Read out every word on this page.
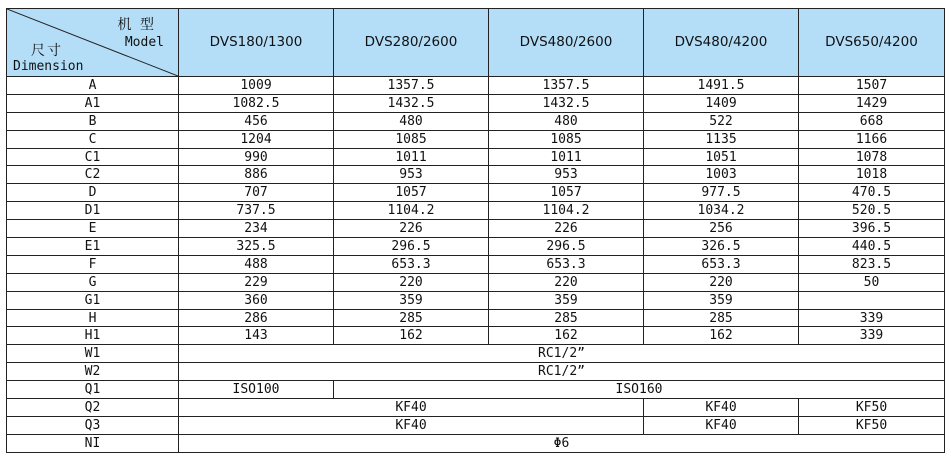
机 型
Model
尺寸
Dimension	DVS180/1300	DVS280/2600	DVS480/2600	DVS480/4200	DVS650/4200
A	1009	1357.5	1357.5	1491.5	1507
A1	1082.5	1432.5	1432.5	1409	1429
B	456	480	480	522	668
C	1204	1085	1085	1135	1166
C1	990	1011	1011	1051	1078
C2	886	953	953	1003	1018
D	707	1057	1057	977.5	470.5
D1	737.5	1104.2	1104.2	1034.2	520.5
E	234	226	226	256	396.5
E1	325.5	296.5	296.5	326.5	440.5
F	488	653.3	653.3	653.3	823.5
G	229	220	220	220	50
G1	360	359	359	359	
H	286	285	285	285	339
H1	143	162	162	162	339
W1	RC1/2”				
W2	RC1/2”				
Q1	ISO100	ISO160			
Q2	KF40			KF40	KF50
Q3	KF40			KF40	KF50
NI	Φ6				
